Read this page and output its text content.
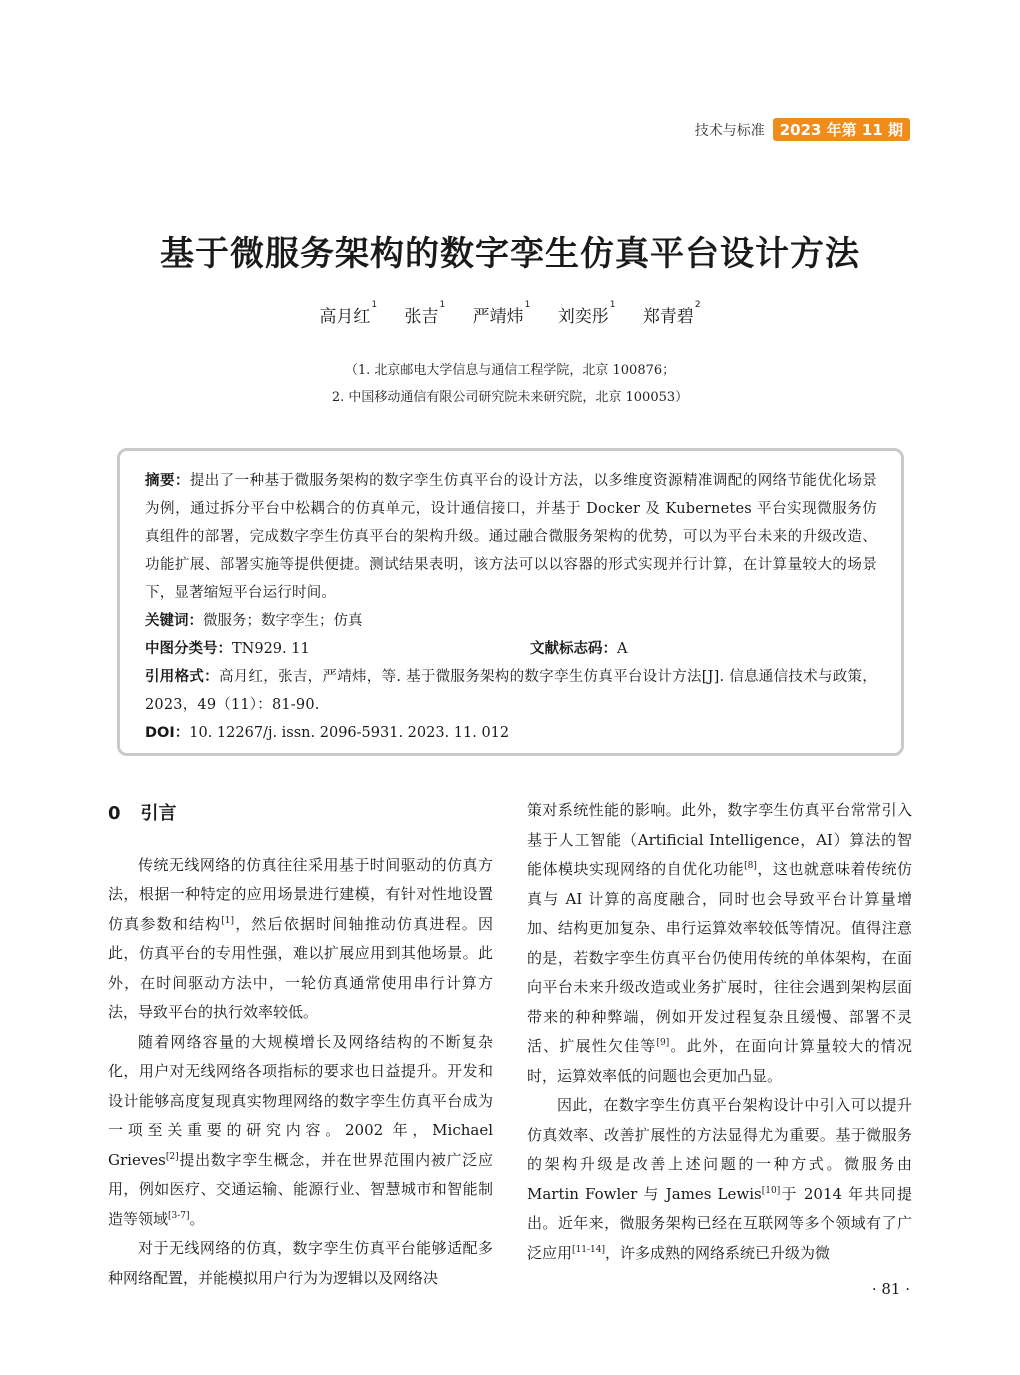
技术与标准	2023 年第 11 期
基于微服务架构的数字孪生仿真平台设计方法
高月红$^1$ 张吉$^1$ 严靖炜$^1$ 刘奕彤$^1$ 郑青碧$^2$
（1. 北京邮电大学信息与通信工程学院，北京 100876；
2. 中国移动通信有限公司研究院未来研究院，北京 100053）

摘要：提出了一种基于微服务架构的数字孪生仿真平台的设计方法，以多维度资源精准调配的网络节能优化场景为例，通过拆分平台中松耦合的仿真单元，设计通信接口，并基于 Docker 及 Kubernetes 平台实现微服务仿真组件的部署，完成数字孪生仿真平台的架构升级。通过融合微服务架构的优势，可以为平台未来的升级改造、功能扩展、部署实施等提供便捷。测试结果表明，该方法可以以容器的形式实现并行计算，在计算量较大的场景下，显著缩短平台运行时间。

关键词：微服务；数字孪生；仿真

中图分类号：TN929. 11	文献标志码：A

引用格式：高月红，张吉，严靖炜，等. 基于微服务架构的数字孪生仿真平台设计方法[J]. 信息通信技术与政策，2023，49（11）：81-90.

DOI：10. 12267/j. issn. 2096-5931. 2023. 11. 012

0 引言

传统无线网络的仿真往往采用基于时间驱动的仿真方法，根据一种特定的应用场景进行建模，有针对性地设置仿真参数和结构[1]，然后依据时间轴推动仿真进程。因此，仿真平台的专用性强，难以扩展应用到其他场景。此外，在时间驱动方法中，一轮仿真通常使用串行计算方法，导致平台的执行效率较低。

随着网络容量的大规模增长及网络结构的不断复杂化，用户对无线网络各项指标的要求也日益提升。开发和设计能够高度复现真实物理网络的数字孪生仿真平台成为一项至关重要的研究内容。2002 年，Michael Grieves[2]提出数字孪生概念，并在世界范围内被广泛应用，例如医疗、交通运输、能源行业、智慧城市和智能制造等领域[3-7]。

对于无线网络的仿真，数字孪生仿真平台能够适配多种网络配置，并能模拟用户行为为逻辑以及网络决

策对系统性能的影响。此外，数字孪生仿真平台常常引入基于人工智能（Artificial Intelligence，AI）算法的智能体模块实现网络的自优化功能[8]，这也就意味着传统仿真与 AI 计算的高度融合，同时也会导致平台计算量增加、结构更加复杂、串行运算效率较低等情况。值得注意的是，若数字孪生仿真平台仍使用传统的单体架构，在面向平台未来升级改造或业务扩展时，往往会遇到架构层面带来的种种弊端，例如开发过程复杂且缓慢、部署不灵活、扩展性欠佳等[9]。此外，在面向计算量较大的情况时，运算效率低的问题也会更加凸显。

因此，在数字孪生仿真平台架构设计中引入可以提升仿真效率、改善扩展性的方法显得尤为重要。基于微服务的架构升级是改善上述问题的一种方式。微服务由 Martin Fowler 与 James Lewis[10]于 2014 年共同提出。近年来，微服务架构已经在互联网等多个领域有了广泛应用[11-14]，许多成熟的网络系统已升级为微

· 81 ·
